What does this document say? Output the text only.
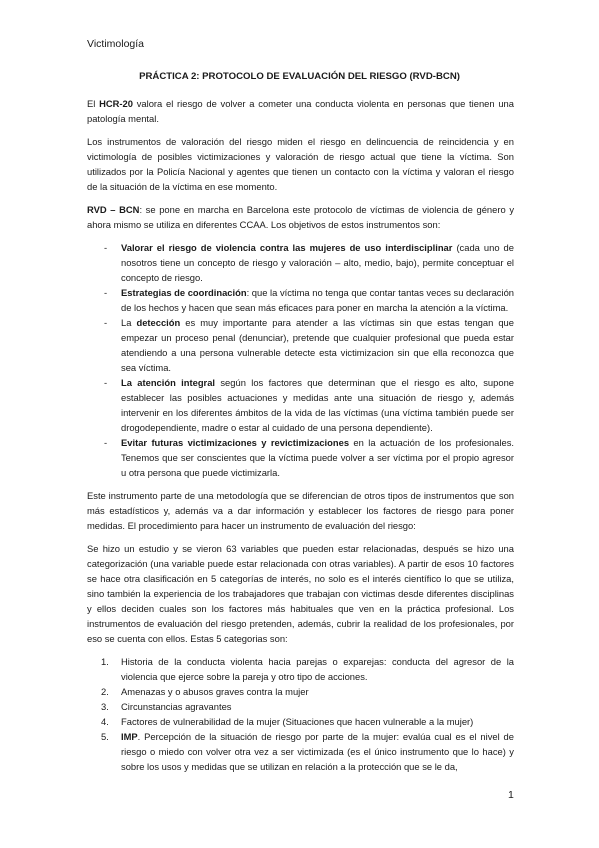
Victimología
PRÁCTICA 2: PROTOCOLO DE EVALUACIÓN DEL RIESGO (RVD-BCN)

El HCR-20 valora el riesgo de volver a cometer una conducta violenta en personas que tienen una patología mental.

Los instrumentos de valoración del riesgo miden el riesgo en delincuencia de reincidencia y en victimología de posibles victimizaciones y valoración de riesgo actual que tiene la víctima. Son utilizados por la Policía Nacional y agentes que tienen un contacto con la víctima y valoran el riesgo de la situación de la víctima en ese momento.

RVD – BCN: se pone en marcha en Barcelona este protocolo de víctimas de violencia de género y ahora mismo se utiliza en diferentes CCAA. Los objetivos de estos instrumentos son:

- Valorar el riesgo de violencia contra las mujeres de uso interdisciplinar (cada uno de nosotros tiene un concepto de riesgo y valoración – alto, medio, bajo), permite conceptuar el concepto de riesgo.
- Estrategias de coordinación: que la víctima no tenga que contar tantas veces su declaración de los hechos y hacen que sean más eficaces para poner en marcha la atención a la víctima.
- La detección es muy importante para atender a las víctimas sin que estas tengan que empezar un proceso penal (denunciar), pretende que cualquier profesional que pueda estar atendiendo a una persona vulnerable detecte esta victimizacion sin que ella reconozca que sea víctima.
- La atención integral según los factores que determinan que el riesgo es alto, supone establecer las posibles actuaciones y medidas ante una situación de riesgo y, además intervenir en los diferentes ámbitos de la vida de las víctimas (una víctima también puede ser drogodependiente, madre o estar al cuidado de una persona dependiente).
- Evitar futuras victimizaciones y revictimizaciones en la actuación de los profesionales. Tenemos que ser conscientes que la víctima puede volver a ser víctima por el propio agresor u otra persona que puede victimizarla.

Este instrumento parte de una metodología que se diferencian de otros tipos de instrumentos que son más estadísticos y, además va a dar información y establecer los factores de riesgo para poner medidas. El procedimiento para hacer un instrumento de evaluación del riesgo:

Se hizo un estudio y se vieron 63 variables que pueden estar relacionadas, después se hizo una categorización (una variable puede estar relacionada con otras variables). A partir de esos 10 factores se hace otra clasificación en 5 categorías de interés, no solo es el interés científico lo que se utiliza, sino también la experiencia de los trabajadores que trabajan con victimas desde diferentes disciplinas y ellos deciden cuales son los factores más habituales que ven en la práctica profesional. Los instrumentos de evaluación del riesgo pretenden, además, cubrir la realidad de los profesionales, por eso se cuenta con ellos. Estas 5 categorias son:

1. Historia de la conducta violenta hacia parejas o exparejas: conducta del agresor de la violencia que ejerce sobre la pareja y otro tipo de acciones.
2. Amenazas y o abusos graves contra la mujer
3. Circunstancias agravantes
4. Factores de vulnerabilidad de la mujer (Situaciones que hacen vulnerable a la mujer)
5. IMP. Percepción de la situación de riesgo por parte de la mujer: evalúa cual es el nivel de riesgo o miedo con volver otra vez a ser victimizada (es el único instrumento que lo hace) y sobre los usos y medidas que se utilizan en relación a la protección que se le da,
1
